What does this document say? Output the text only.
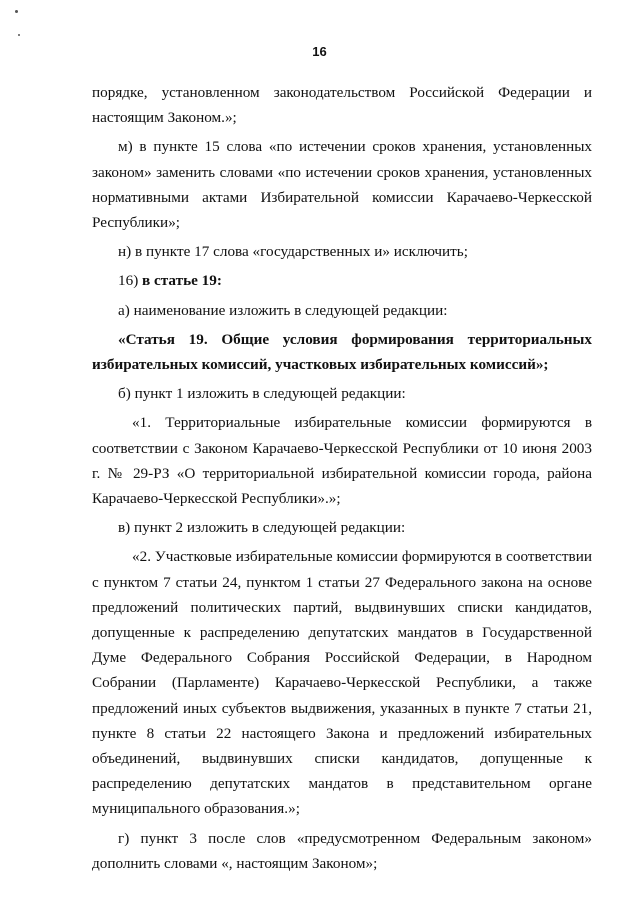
16

порядке, установленном законодательством Российской Федерации и настоящим Законом.»;

м) в пункте 15 слова «по истечении сроков хранения, установленных законом» заменить словами «по истечении сроков хранения, установленных нормативными актами Избирательной комиссии Карачаево-Черкесской Республики»;

н) в пункте 17 слова «государственных и» исключить;

16) в статье 19:

а) наименование изложить в следующей редакции:

«Статья 19. Общие условия формирования территориальных избирательных комиссий, участковых избирательных комиссий»;

б) пункт 1 изложить в следующей редакции:

«1. Территориальные избирательные комиссии формируются в соответствии с Законом Карачаево-Черкесской Республики от 10 июня 2003 г. № 29-РЗ «О территориальной избирательной комиссии города, района Карачаево-Черкесской Республики».»;

в) пункт 2 изложить в следующей редакции:

«2. Участковые избирательные комиссии формируются в соответствии с пунктом 7 статьи 24, пунктом 1 статьи 27 Федерального закона на основе предложений политических партий, выдвинувших списки кандидатов, допущенные к распределению депутатских мандатов в Государственной Думе Федерального Собрания Российской Федерации, в Народном Собрании (Парламенте) Карачаево-Черкесской Республики, а также предложений иных субъектов выдвижения, указанных в пункте 7 статьи 21, пункте 8 статьи 22 настоящего Закона и предложений избирательных объединений, выдвинувших списки кандидатов, допущенные к распределению депутатских мандатов в представительном органе муниципального образования.»;

г) пункт 3 после слов «предусмотренном Федеральным законом» дополнить словами «, настоящим Законом»;
